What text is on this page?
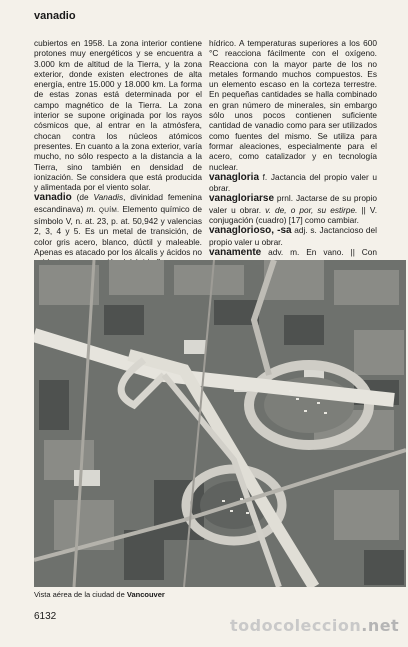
vanadio

cubiertos en 1958. La zona interior contiene protones muy energéticos y se encuentra a 3.000 km de altitud de la Tierra, y la zona exterior, donde existen electrones de alta energía, entre 15.000 y 18.000 km. La forma de estas zonas está determinada por el campo magnético de la Tierra. La zona interior se supone originada por los rayos cósmicos que, al entrar en la atmósfera, chocan contra los núcleos atómicos presentes. En cuanto a la zona exterior, varía mucho, no sólo respecto a la distancia a la Tierra, sino también en densidad de ionización. Se considera que está producida y alimentada por el viento solar.

vanadio (de Vanadis, divinidad femenina escandinava) m. QUÍM. Elemento químico de símbolo V, n. at. 23, p. at. 50,942 y valencias 2, 3, 4 y 5. Es un metal de transición, de color gris acero, blanco, dúctil y maleable. Apenas es atacado por los álcalis y ácidos no

hídrico. A temperaturas superiores a los 600 °C reacciona fácilmente con el oxígeno. Reacciona con la mayor parte de los no metales formando muchos compuestos. Es un elemento escaso en la corteza terrestre. En pequeñas cantidades se halla combinado en gran número de minerales, sin embargo sólo unos pocos contienen suficiente cantidad de vanadio como para ser utilizados como fuentes del mismo. Se utiliza para formar aleaciones, especialmente para el acero, como catalizador y en tecnología nuclear.

vanagloria f. Jactancia del propio valer u obrar.

vanagloriarse prnl. Jactarse de su propio valer u obrar. v. de, o por, su estirpe. || V. conjugación (cuadro) [17] como cambiar.

vanaglorioso, -sa adj. s. Jactancioso del propio valer u obrar.

vanamente adv. m. En vano. || Con

Vista aérea de la ciudad de Vancouver
6132	todocoleccion.net
